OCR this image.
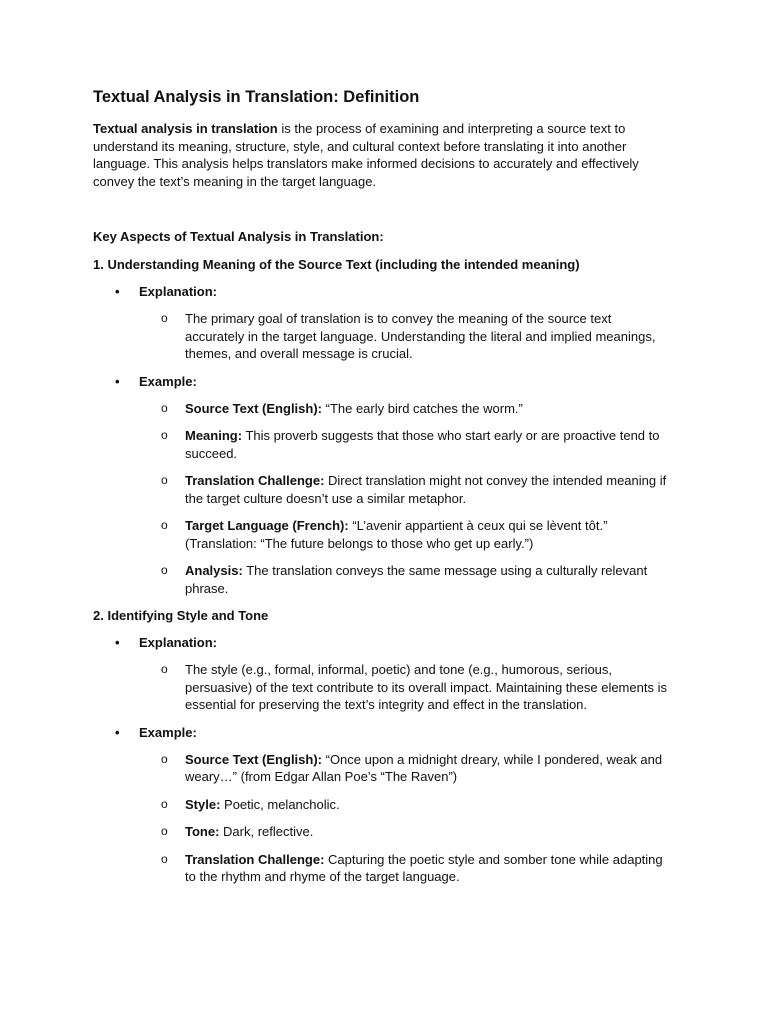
Textual Analysis in Translation: Definition

Textual analysis in translation is the process of examining and interpreting a source text to understand its meaning, structure, style, and cultural context before translating it into another language. This analysis helps translators make informed decisions to accurately and effectively convey the text’s meaning in the target language.

Key Aspects of Textual Analysis in Translation:
1. Understanding Meaning of the Source Text (including the intended meaning)
• Explanation:
o The primary goal of translation is to convey the meaning of the source text accurately in the target language. Understanding the literal and implied meanings, themes, and overall message is crucial.
• Example:
o Source Text (English): “The early bird catches the worm.”
o Meaning: This proverb suggests that those who start early or are proactive tend to succeed.
o Translation Challenge: Direct translation might not convey the intended meaning if the target culture doesn’t use a similar metaphor.
o Target Language (French): “L’avenir appartient à ceux qui se lèvent tôt.” (Translation: “The future belongs to those who get up early.”)
o Analysis: The translation conveys the same message using a culturally relevant phrase.
2. Identifying Style and Tone
• Explanation:
o The style (e.g., formal, informal, poetic) and tone (e.g., humorous, serious, persuasive) of the text contribute to its overall impact. Maintaining these elements is essential for preserving the text’s integrity and effect in the translation.
• Example:
o Source Text (English): “Once upon a midnight dreary, while I pondered, weak and weary…” (from Edgar Allan Poe’s “The Raven”)
o Style: Poetic, melancholic.
o Tone: Dark, reflective.
o Translation Challenge: Capturing the poetic style and somber tone while adapting to the rhythm and rhyme of the target language.
